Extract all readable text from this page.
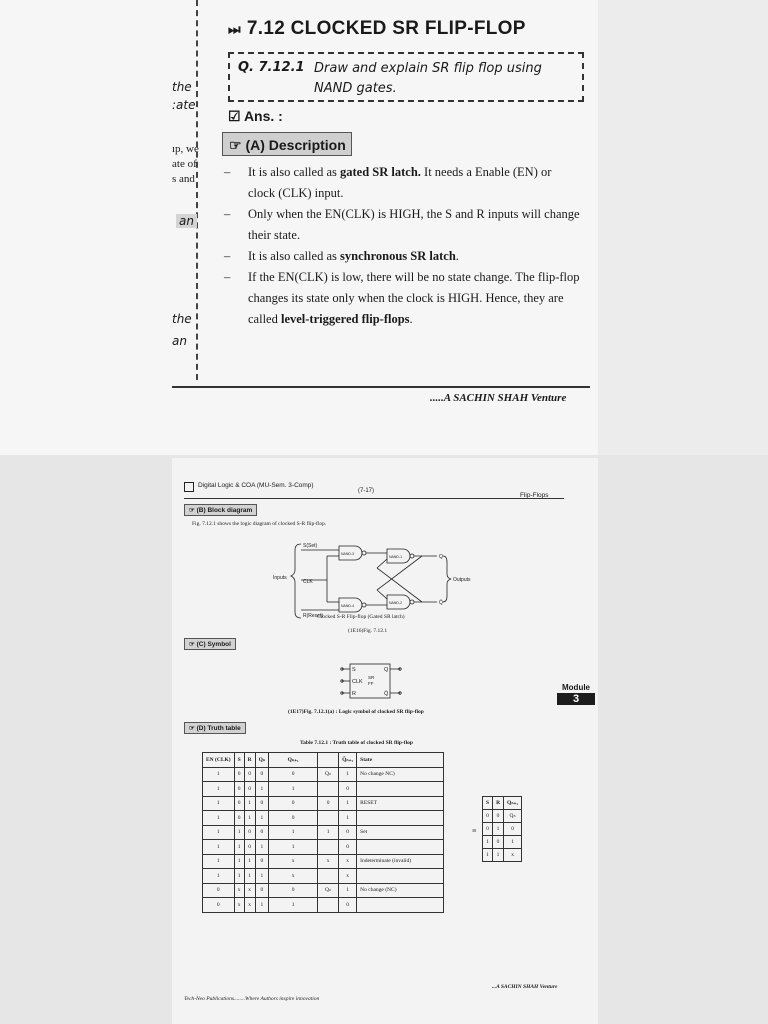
the
:ate
ıp, we
ate of
s and
an
the
an
⏭ 7.12 CLOCKED SR FLIP-FLOP
Q. 7.12.1 Draw and explain SR flip flop using NAND gates.
☑ Ans. :
☞ (A) Description
– It is also called as gated SR latch. It needs a Enable (EN) or clock (CLK) input.
– Only when the EN(CLK) is HIGH, the S and R inputs will change their state.
– It is also called as synchronous SR latch.
– If the EN(CLK) is low, there will be no state change. The flip-flop changes its state only when the clock is HIGH. Hence, they are called level-triggered flip-flops.
.....A SACHIN SHAH Venture
Digital Logic & COA (MU-Sem. 3-Comp)
(7-17)
Flip-Flops
☞ (B) Block diagram
Fig. 7.12.1 shows the logic diagram of clocked S-R flip-flop.
S(Set)
CLK
R(Reset)
Inputs	Outputs
NAND-3
NAND-4
NAND-1
NAND-2
Q
Q̄
Clocked S-R Flip-flop (Gated SR latch)
(1E16)Fig. 7.12.1
☞ (C) Symbol
S
CLK
R
SR
FF
Q
Q̄
(1E17)Fig. 7.12.1(a) : Logic symbol of clocked SR flip-flop
☞ (D) Truth table
Table 7.12.1 : Truth table of clocked SR flip-flop
EN (CLK)	S	R	Qₙ	Qₙ₊₁		Q̄ₙ₊₁	State
1	0	0	0	0	Qₙ	1	No change NC)
1	0	0	1	1		0	
1	0	1	0	0	0	1	RESET
1	0	1	1	0		1	
1	1	0	0	1	1	0	Set
1	1	0	1	1		0	
1	1	1	0	x	x	x	Indeterminate (invalid)
1	1	1	1	x		x	
0	x	x	0	0	Qₙ	1	No change (NC)
0	x	x	1	1		0	
≡
S	R	Qₙ₊₁
0	0	Qₙ
0	1	0
1	0	1
1	1	x
...A SACHIN SHAH Venture
Tech-Neo Publications........Where Authors inspire innovation
Module
3
